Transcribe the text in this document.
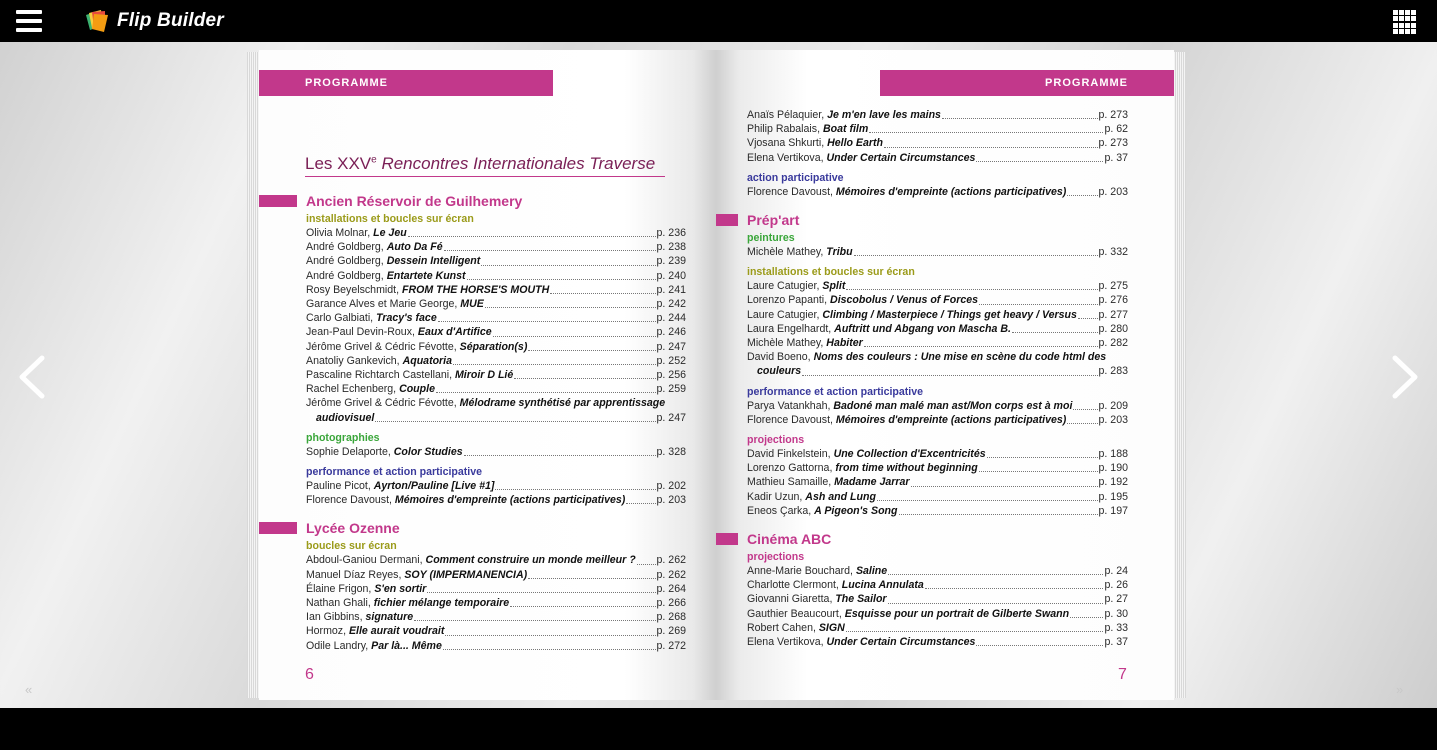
Flip Builder
«	»
PROGRAMME
Les XXVe Rencontres Internationales Traverse
Ancien Réservoir de Guilhemery
installations et boucles sur écran
Olivia Molnar, Le Jeu	p. 236
André Goldberg, Auto Da Fé	p. 238
André Goldberg, Dessein Intelligent	p. 239
André Goldberg, Entartete Kunst	p. 240
Rosy Beyelschmidt, FROM THE HORSE'S MOUTH	p. 241
Garance Alves et Marie George, MUE	p. 242
Carlo Galbiati, Tracy's face	p. 244
Jean-Paul Devin-Roux, Eaux d'Artifice	p. 246
Jérôme Grivel & Cédric Févotte, Séparation(s)	p. 247
Anatoliy Gankevich, Aquatoria	p. 252
Pascaline Richtarch Castellani, Miroir D Lié	p. 256
Rachel Echenberg, Couple	p. 259
Jérôme Grivel & Cédric Févotte, Mélodrame synthétisé par apprentissage
audiovisuel	p. 247
photographies
Sophie Delaporte, Color Studies	p. 328
performance et action participative
Pauline Picot, Ayrton/Pauline [Live #1]	p. 202
Florence Davoust, Mémoires d'empreinte (actions participatives)	p. 203
Lycée Ozenne
boucles sur écran
Abdoul-Ganiou Dermani, Comment construire un monde meilleur ? p. 262
Manuel Díaz Reyes, SOY (IMPERMANENCIA)	p. 262
Élaine Frigon, S'en sortir	p. 264
Nathan Ghali, fichier mélange temporaire	p. 266
Ian Gibbins, signature	p. 268
Hormoz, Elle aurait voudrait	p. 269
Odile Landry, Par là... Même	p. 272
6
PROGRAMME
Anaïs Pélaquier, Je m'en lave les mains	p. 273
Philip Rabalais, Boat film	p. 62
Vjosana Shkurti, Hello Earth	p. 273
Elena Vertikova, Under Certain Circumstances	p. 37
action participative
Florence Davoust, Mémoires d'empreinte (actions participatives)	p. 203
Prép'art
peintures
Michèle Mathey, Tribu	p. 332
installations et boucles sur écran
Laure Catugier, Split	p. 275
Lorenzo Papanti, Discobolus / Venus of Forces	p. 276
Laure Catugier, Climbing / Masterpiece / Things get heavy / Versus p. 277
Laura Engelhardt, Auftritt und Abgang von Mascha B.	p. 280
Michèle Mathey, Habiter	p. 282
David Boeno, Noms des couleurs : Une mise en scène du code html des
couleurs	p. 283
performance et action participative
Parya Vatankhah, Badoné man malé man ast/Mon corps est à moi p. 209
Florence Davoust, Mémoires d'empreinte (actions participatives)	p. 203
projections
David Finkelstein, Une Collection d'Excentricités	p. 188
Lorenzo Gattorna, from time without beginning	p. 190
Mathieu Samaille, Madame Jarrar	p. 192
Kadir Uzun, Ash and Lung	p. 195
Eneos Çarka, A Pigeon's Song	p. 197
Cinéma ABC
projections
Anne-Marie Bouchard, Saline	p. 24
Charlotte Clermont, Lucina Annulata	p. 26
Giovanni Giaretta, The Sailor	p. 27
Gauthier Beaucourt, Esquisse pour un portrait de Gilberte Swann	p. 30
Robert Cahen, SIGN	p. 33
Elena Vertikova, Under Certain Circumstances	p. 37
7
